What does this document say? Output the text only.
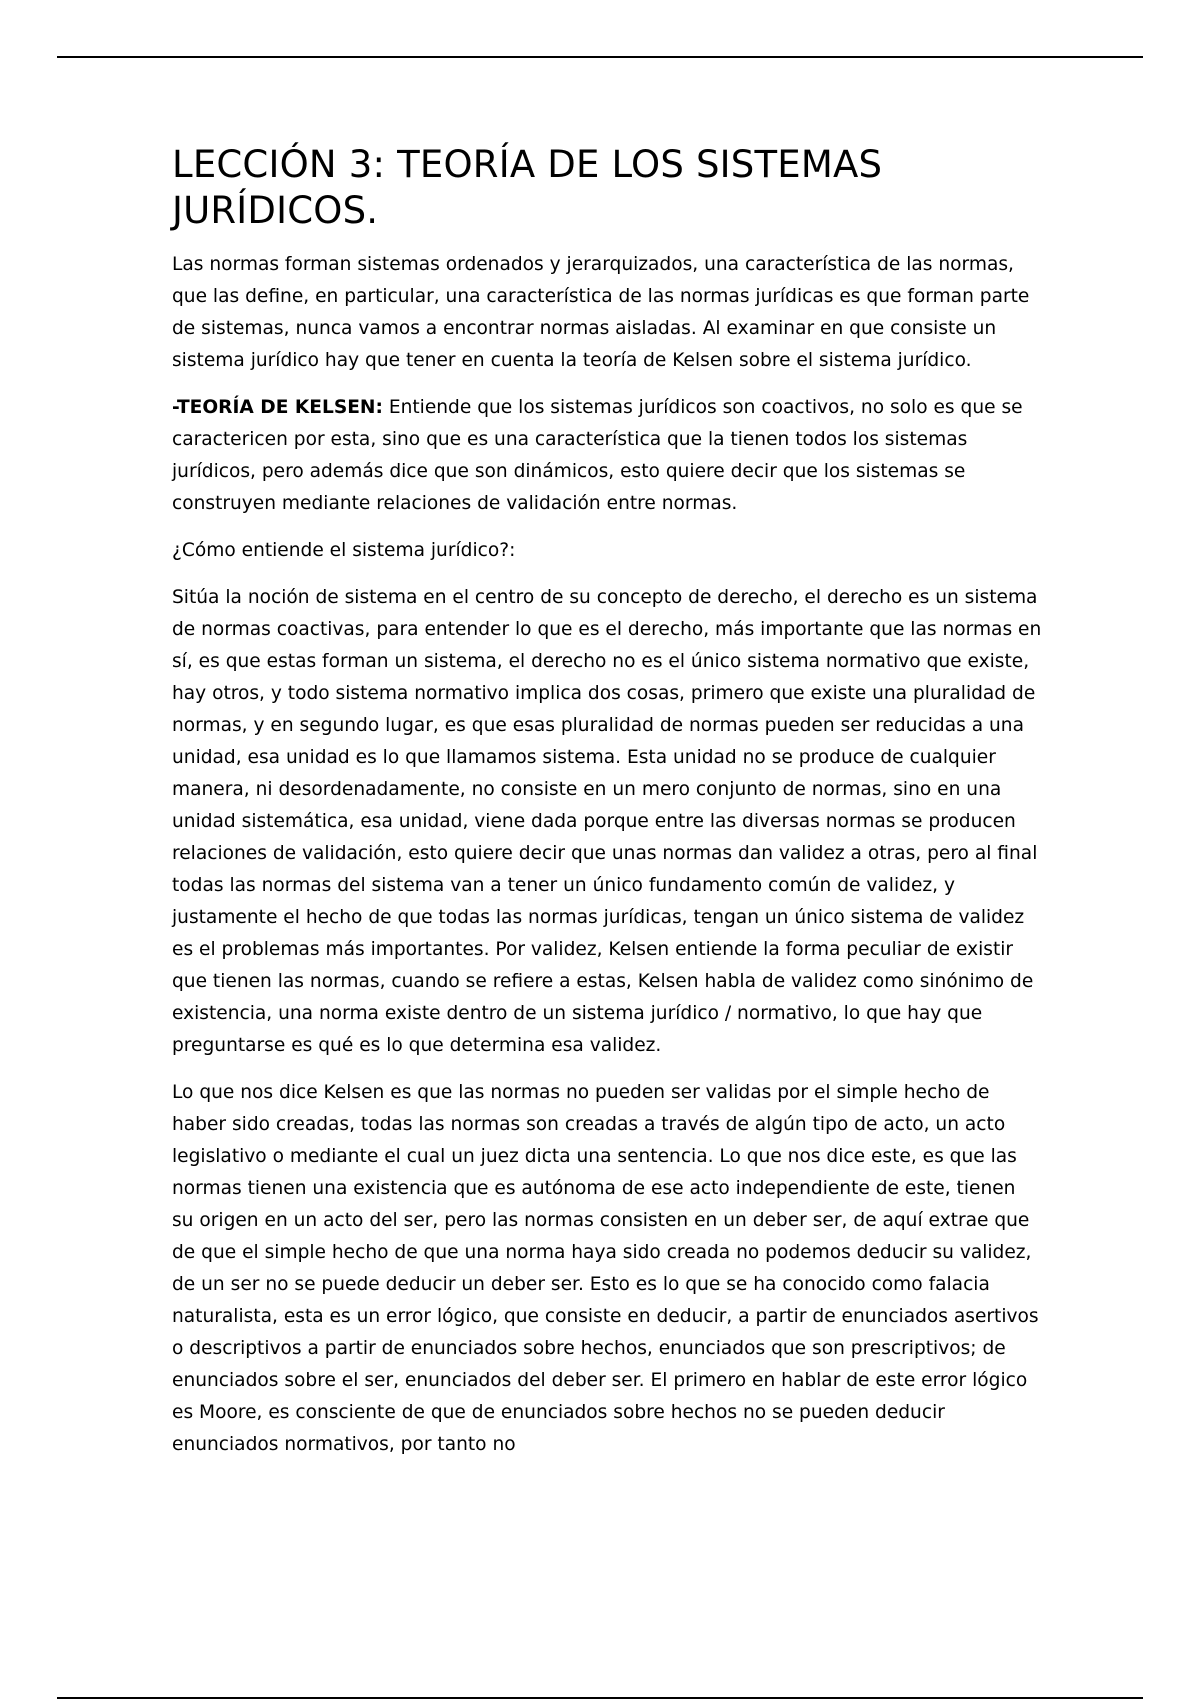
LECCIÓN 3: TEORÍA DE LOS SISTEMAS JURÍDICOS.

Las normas forman sistemas ordenados y jerarquizados, una característica de las normas, que las define, en particular, una característica de las normas jurídicas es que forman parte de sistemas, nunca vamos a encontrar normas aisladas. Al examinar en que consiste un sistema jurídico hay que tener en cuenta la teoría de Kelsen sobre el sistema jurídico.

-TEORÍA DE KELSEN: Entiende que los sistemas jurídicos son coactivos, no solo es que se caractericen por esta, sino que es una característica que la tienen todos los sistemas jurídicos, pero además dice que son dinámicos, esto quiere decir que los sistemas se construyen mediante relaciones de validación entre normas.

¿Cómo entiende el sistema jurídico?:

Sitúa la noción de sistema en el centro de su concepto de derecho, el derecho es un sistema de normas coactivas, para entender lo que es el derecho, más importante que las normas en sí, es que estas forman un sistema, el derecho no es el único sistema normativo que existe, hay otros, y todo sistema normativo implica dos cosas, primero que existe una pluralidad de normas, y en segundo lugar, es que esas pluralidad de normas pueden ser reducidas a una unidad, esa unidad es lo que llamamos sistema. Esta unidad no se produce de cualquier manera, ni desordenadamente, no consiste en un mero conjunto de normas, sino en una unidad sistemática, esa unidad, viene dada porque entre las diversas normas se producen relaciones de validación, esto quiere decir que unas normas dan validez a otras, pero al final todas las normas del sistema van a tener un único fundamento común de validez, y justamente el hecho de que todas las normas jurídicas, tengan un único sistema de validez es el problemas más importantes. Por validez, Kelsen entiende la forma peculiar de existir que tienen las normas, cuando se refiere a estas, Kelsen habla de validez como sinónimo de existencia, una norma existe dentro de un sistema jurídico / normativo, lo que hay que preguntarse es qué es lo que determina esa validez.

Lo que nos dice Kelsen es que las normas no pueden ser validas por el simple hecho de haber sido creadas, todas las normas son creadas a través de algún tipo de acto, un acto legislativo o mediante el cual un juez dicta una sentencia. Lo que nos dice este, es que las normas tienen una existencia que es autónoma de ese acto independiente de este, tienen su origen en un acto del ser, pero las normas consisten en un deber ser, de aquí extrae que de que el simple hecho de que una norma haya sido creada no podemos deducir su validez, de un ser no se puede deducir un deber ser. Esto es lo que se ha conocido como falacia naturalista, esta es un error lógico, que consiste en deducir, a partir de enunciados asertivos o descriptivos a partir de enunciados sobre hechos, enunciados que son prescriptivos; de enunciados sobre el ser, enunciados del deber ser. El primero en hablar de este error lógico es Moore, es consciente de que de enunciados sobre hechos no se pueden deducir enunciados normativos, por tanto no
